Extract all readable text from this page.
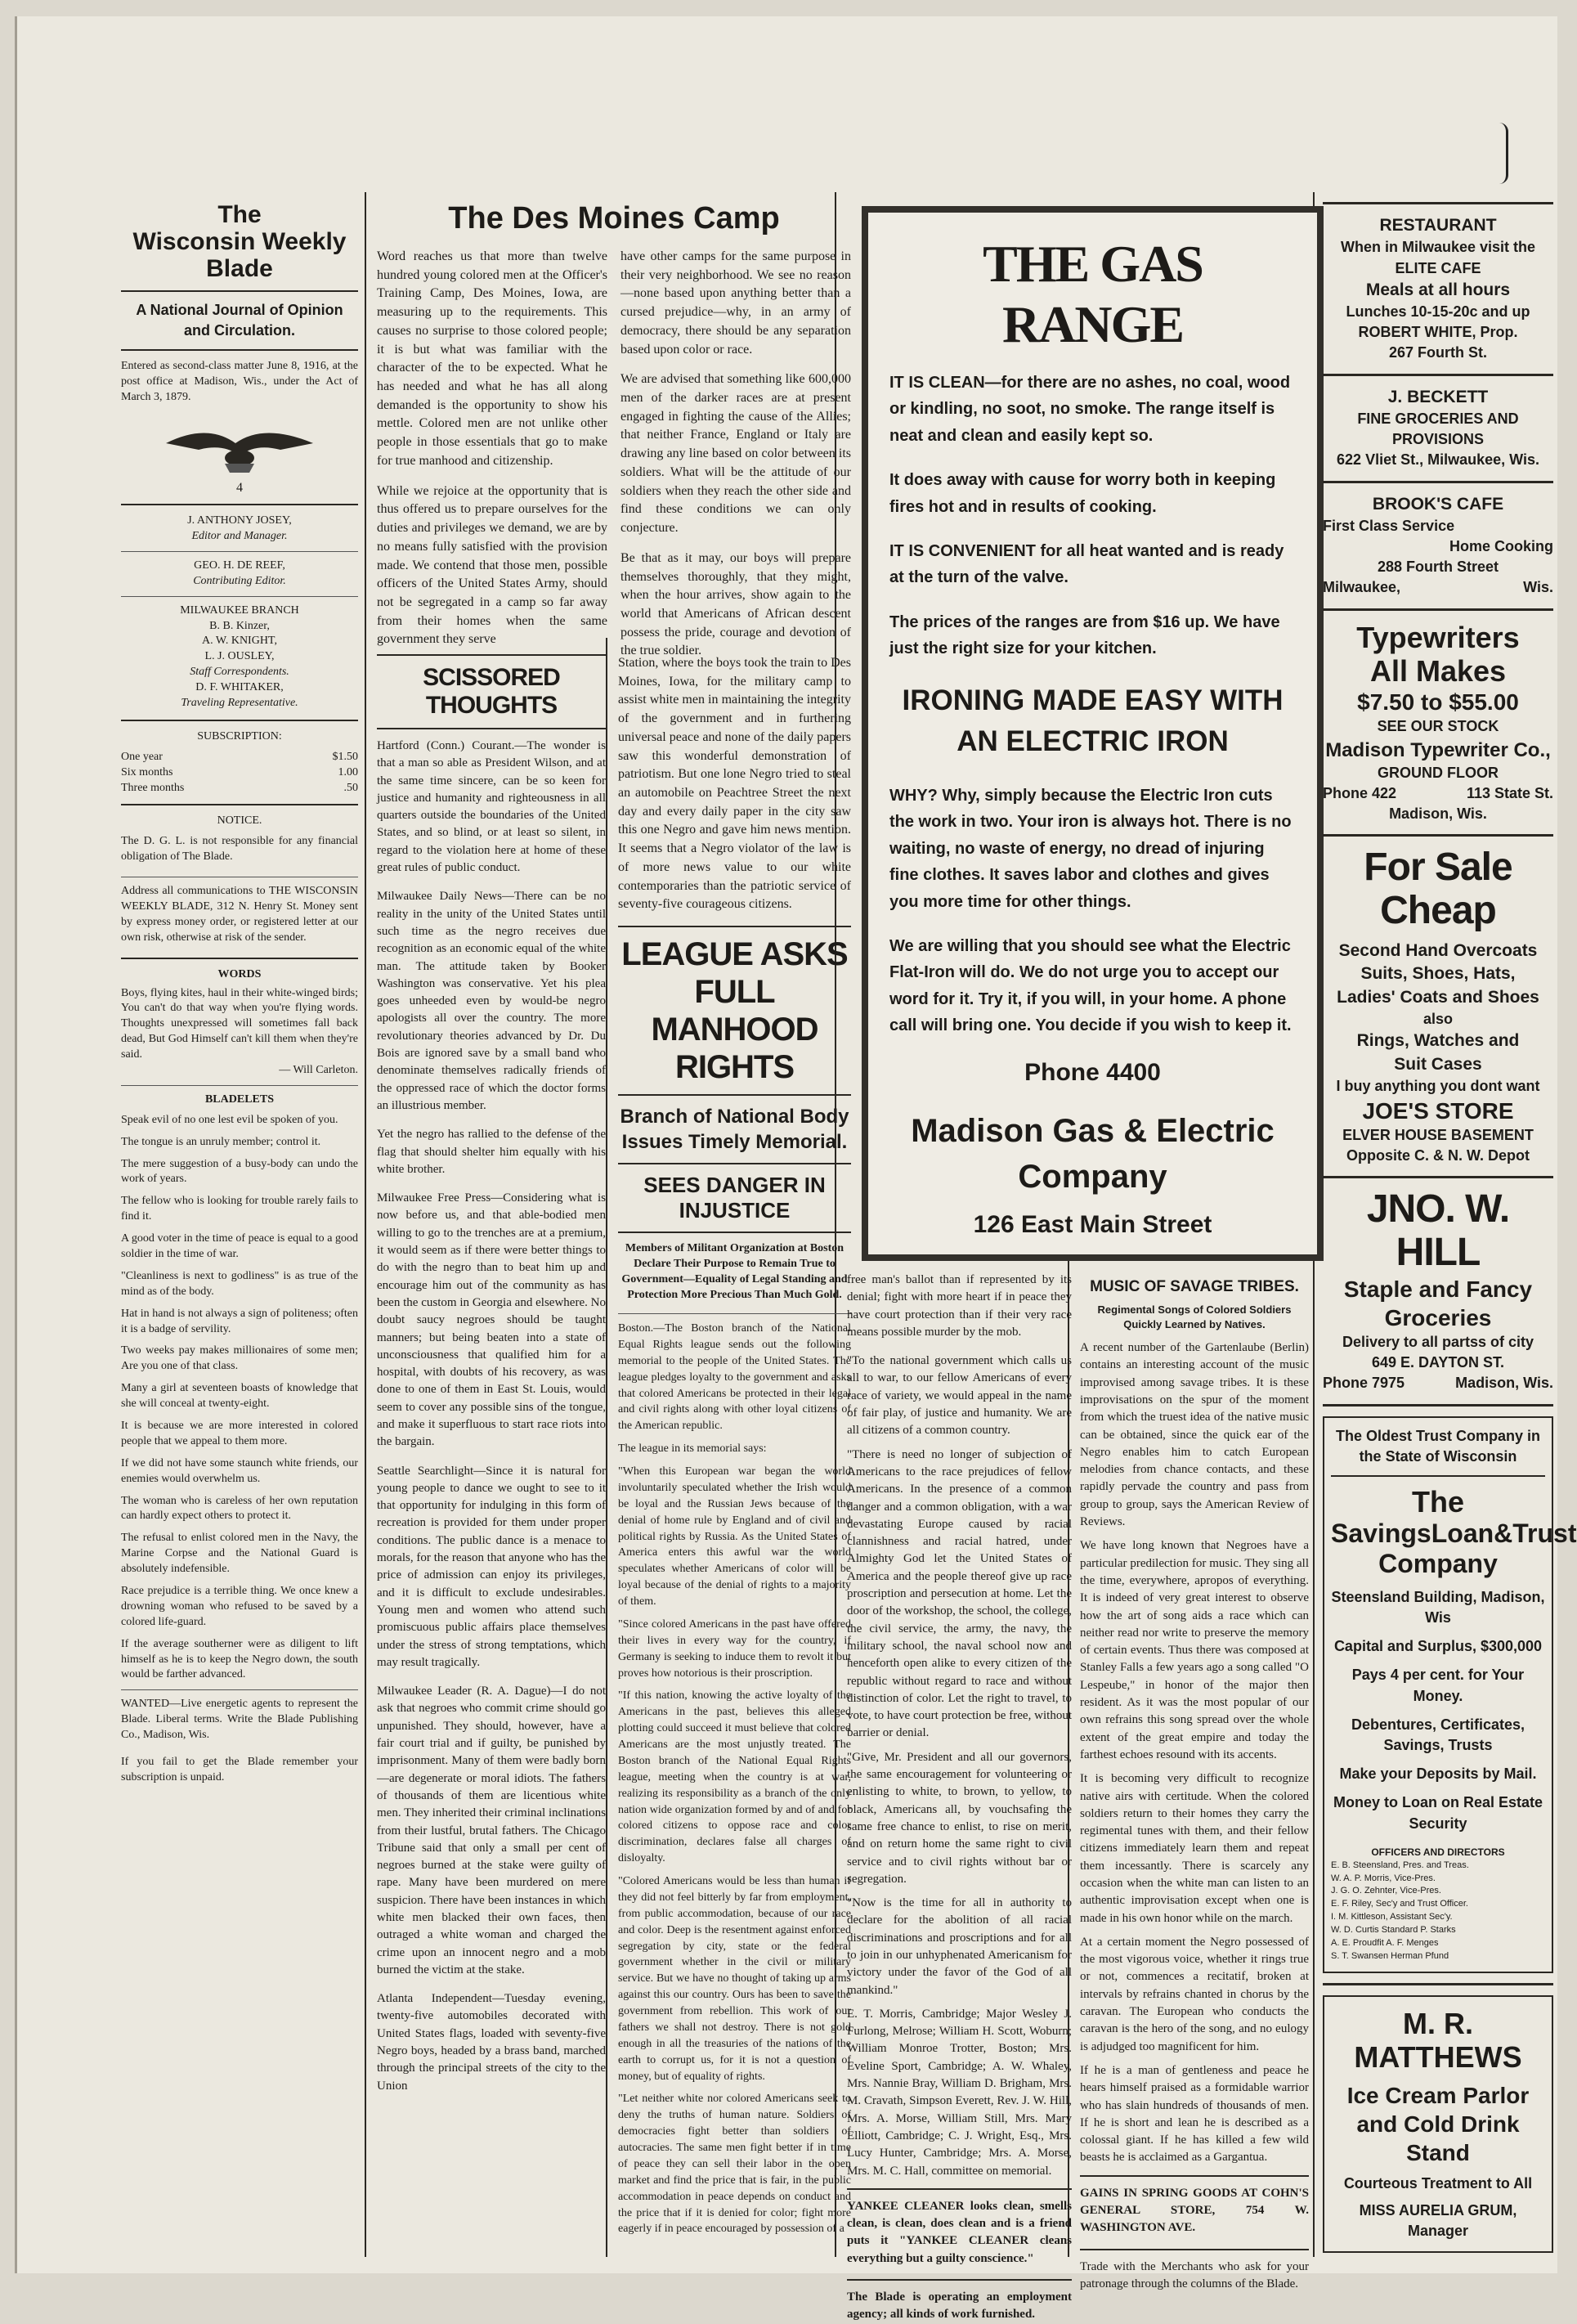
The
Wisconsin Weekly Blade
A National Journal of Opinion and Circulation.

Entered as second-class matter June 8, 1916, at the post office at Madison, Wis., under the Act of March 3, 1879.

4
J. ANTHONY JOSEY,
Editor and Manager.
GEO. H. DE REEF,
Contributing Editor.
MILWAUKEE BRANCH
B. B. Kinzer,
A. W. KNIGHT,
L. J. OUSLEY,
Staff Correspondents.
D. F. WHITAKER,
Traveling Representative.
SUBSCRIPTION:
One year	$1.50
Six months	1.00
Three months	.50
NOTICE.

The D. G. L. is not responsible for any financial obligation of The Blade.

Address all communications to THE WISCONSIN WEEKLY BLADE, 312 N. Henry St. Money sent by express money order, or registered letter at our own risk, otherwise at risk of the sender.

WORDS

Boys, flying kites, haul in their white-winged birds; You can't do that way when you're flying words. Thoughts unexpressed will sometimes fall back dead, But God Himself can't kill them when they're said.

— Will Carleton.
BLADELETS

Speak evil of no one lest evil be spoken of you.

The tongue is an unruly member; control it.

The mere suggestion of a busy-body can undo the work of years.

The fellow who is looking for trouble rarely fails to find it.

A good voter in the time of peace is equal to a good soldier in the time of war.

"Cleanliness is next to godliness" is as true of the mind as of the body.

Hat in hand is not always a sign of politeness; often it is a badge of servility.

Two weeks pay makes millionaires of some men; Are you one of that class.

Many a girl at seventeen boasts of knowledge that she will conceal at twenty-eight.

It is because we are more interested in colored people that we appeal to them more.

If we did not have some staunch white friends, our enemies would overwhelm us.

The woman who is careless of her own reputation can hardly expect others to protect it.

The refusal to enlist colored men in the Navy, the Marine Corpse and the National Guard is absolutely indefensible.

Race prejudice is a terrible thing. We once knew a drowning woman who refused to be saved by a colored life-guard.

If the average southerner were as diligent to lift himself as he is to keep the Negro down, the south would be farther advanced.

WANTED—Live energetic agents to represent the Blade. Liberal terms. Write the Blade Publishing Co., Madison, Wis.

If you fail to get the Blade remember your subscription is unpaid.

The Des Moines Camp

Word reaches us that more than twelve hundred young colored men at the Officer's Training Camp, Des Moines, Iowa, are measuring up to the requirements. This causes no surprise to those colored people; it is but what was familiar with the character of the to be expected. What he has needed and what he has all along demanded is the opportunity to show his mettle. Colored men are not unlike other people in those essentials that go to make for true manhood and citizenship.

While we rejoice at the opportunity that is thus offered us to prepare ourselves for the duties and privileges we demand, we are by no means fully satisfied with the provision made. We contend that those men, possible officers of the United States Army, should not be segregated in a camp so far away from their homes when the same government they serve

have other camps for the same purpose in their very neighborhood. We see no reason—none based upon anything better than a cursed prejudice—why, in an army of democracy, there should be any separation based upon color or race.

We are advised that something like 600,000 men of the darker races are at present engaged in fighting the cause of the Allies; that neither France, England or Italy are drawing any line based on color between its soldiers. What will be the attitude of our soldiers when they reach the other side and find these conditions we can only conjecture.

Be that as it may, our boys will prepare themselves thoroughly, that they might, when the hour arrives, show again to the world that Americans of African descent possess the pride, courage and devotion of the true soldier.

SCISSORED THOUGHTS

Hartford (Conn.) Courant.—The wonder is that a man so able as President Wilson, and at the same time sincere, can be so keen for justice and humanity and righteousness in all quarters outside the boundaries of the United States, and so blind, or at least so silent, in regard to the violation here at home of these great rules of public conduct.

Milwaukee Daily News—There can be no reality in the unity of the United States until such time as the negro receives due recognition as an economic equal of the white man. The attitude taken by Booker Washington was conservative. Yet his plea goes unheeded even by would-be negro apologists all over the country. The more revolutionary theories advanced by Dr. Du Bois are ignored save by a small band who denominate themselves radically friends of the oppressed race of which the doctor forms an illustrious member.

Yet the negro has rallied to the defense of the flag that should shelter him equally with his white brother.

Milwaukee Free Press—Considering what is now before us, and that able-bodied men willing to go to the trenches are at a premium, it would seem as if there were better things to do with the negro than to beat him up and encourage him out of the community as has been the custom in Georgia and elsewhere. No doubt saucy negroes should be taught manners; but being beaten into a state of unconsciousness that qualified him for a hospital, with doubts of his recovery, as was done to one of them in East St. Louis, would seem to cover any possible sins of the tongue, and make it superfluous to start race riots into the bargain.

Seattle Searchlight—Since it is natural for young people to dance we ought to see to it that opportunity for indulging in this form of recreation is provided for them under proper conditions. The public dance is a menace to morals, for the reason that anyone who has the price of admission can enjoy its privileges, and it is difficult to exclude undesirables. Young men and women who attend such promiscuous public affairs place themselves under the stress of strong temptations, which may result tragically.

Milwaukee Leader (R. A. Dague)—I do not ask that negroes who commit crime should go unpunished. They should, however, have a fair court trial and if guilty, be punished by imprisonment. Many of them were badly born—are degenerate or moral idiots. The fathers of thousands of them are licentious white men. They inherited their criminal inclinations from their lustful, brutal fathers. The Chicago Tribune said that only a small per cent of negroes burned at the stake were guilty of rape. Many have been murdered on mere suspicion. There have been instances in which white men blacked their own faces, then outraged a white woman and charged the crime upon an innocent negro and a mob burned the victim at the stake.

Atlanta Independent—Tuesday evening, twenty-five automobiles decorated with United States flags, loaded with seventy-five Negro boys, headed by a brass band, marched through the principal streets of the city to the Union

Station, where the boys took the train to Des Moines, Iowa, for the military camp to assist white men in maintaining the integrity of the government and in furthering universal peace and none of the daily papers saw this wonderful demonstration of patriotism. But one lone Negro tried to steal an automobile on Peachtree Street the next day and every daily paper in the city saw this one Negro and gave him news mention. It seems that a Negro violator of the law is of more news value to our white contemporaries than the patriotic service of seventy-five courageous citizens.

LEAGUE ASKS FULL MANHOOD RIGHTS
Branch of National Body Issues Timely Memorial.
SEES DANGER IN INJUSTICE
Members of Militant Organization at Boston Declare Their Purpose to Remain True to Government—Equality of Legal Standing and Protection More Precious Than Much Gold.

Boston.—The Boston branch of the National Equal Rights league sends out the following memorial to the people of the United States. The league pledges loyalty to the government and asks that colored Americans be protected in their legal and civil rights along with other loyal citizens of the American republic.

The league in its memorial says:

"When this European war began the world involuntarily speculated whether the Irish would be loyal and the Russian Jews because of the denial of home rule by England and of civil and political rights by Russia. As the United States of America enters this awful war the world speculates whether Americans of color will be loyal because of the denial of rights to a majority of them.

"Since colored Americans in the past have offered their lives in every way for the country, if Germany is seeking to induce them to revolt it but proves how notorious is their proscription.

"If this nation, knowing the active loyalty of the Americans in the past, believes this alleged plotting could succeed it must believe that colored Americans are the most unjustly treated. The Boston branch of the National Equal Rights league, meeting when the country is at war, realizing its responsibility as a branch of the only nation wide organization formed by and of and for colored citizens to oppose race and color discrimination, declares false all charges of disloyalty.

"Colored Americans would be less than human if they did not feel bitterly by far from employment, from public accommodation, because of our race and color. Deep is the resentment against enforced segregation by city, state or the federal government whether in the civil or military service. But we have no thought of taking up arms against this our country. Ours has been to save the government from rebellion. This work of our fathers we shall not destroy. There is not gold enough in all the treasuries of the nations of the earth to corrupt us, for it is not a question of money, but of equality of rights.

"Let neither white nor colored Americans seek to deny the truths of human nature. Soldiers of democracies fight better than soldiers of autocracies. The same men fight better if in time of peace they can sell their labor in the open market and find the price that is fair, in the public accommodation in peace depends on conduct and the price that if it is denied for color; fight more eagerly if in peace encouraged by possession of a

THE GAS RANGE

IT IS CLEAN—for there are no ashes, no coal, wood or kindling, no soot, no smoke. The range itself is neat and clean and easily kept so.

It does away with cause for worry both in keeping fires hot and in results of cooking.

IT IS CONVENIENT for all heat wanted and is ready at the turn of the valve.

The prices of the ranges are from $16 up. We have just the right size for your kitchen.

IRONING MADE EASY WITH AN ELECTRIC IRON

WHY? Why, simply because the Electric Iron cuts the work in two. Your iron is always hot. There is no waiting, no waste of energy, no dread of injuring fine clothes. It saves labor and clothes and gives you more time for other things.

We are willing that you should see what the Electric Flat-Iron will do. We do not urge you to accept our word for it. Try it, if you will, in your home. A phone call will bring one. You decide if you wish to keep it.

Phone 4400
Madison Gas & Electric Company
126 East Main Street

free man's ballot than if represented by its denial; fight with more heart if in peace they have court protection than if their very race means possible murder by the mob.

"To the national government which calls us all to war, to our fellow Americans of every race of variety, we would appeal in the name of fair play, of justice and humanity. We are all citizens of a common country.

"There is need no longer of subjection of Americans to the race prejudices of fellow Americans. In the presence of a common danger and a common obligation, with a war devastating Europe caused by racial clannishness and racial hatred, under Almighty God let the United States of America and the people thereof give up race proscription and persecution at home. Let the door of the workshop, the school, the college, the civil service, the army, the navy, the military school, the naval school now and henceforth open alike to every citizen of the republic without regard to race and without distinction of color. Let the right to travel, to vote, to have court protection be free, without barrier or denial.

"Give, Mr. President and all our governors, the same encouragement for volunteering or enlisting to white, to brown, to yellow, to black, Americans all, by vouchsafing the same free chance to enlist, to rise on merit, and on return home the same right to civil service and to civil rights without bar or segregation.

"Now is the time for all in authority to declare for the abolition of all racial discriminations and proscriptions and for all to join in our unhyphenated Americanism for victory under the favor of the God of all mankind."

E. T. Morris, Cambridge; Major Wesley J. Furlong, Melrose; William H. Scott, Woburn; William Monroe Trotter, Boston; Mrs. Eveline Sport, Cambridge; A. W. Whaley, Mrs. Nannie Bray, William D. Brigham, Mrs. M. Cravath, Simpson Everett, Rev. J. W. Hill, Mrs. A. Morse, William Still, Mrs. Mary Elliott, Cambridge; C. J. Wright, Esq., Mrs. Lucy Hunter, Cambridge; Mrs. A. Morse, Mrs. M. C. Hall, committee on memorial.

YANKEE CLEANER looks clean, smells clean, is clean, does clean and is a friend puts it "YANKEE CLEANER cleans everything but a guilty conscience."

The Blade is operating an employment agency; all kinds of work furnished.

MUSIC OF SAVAGE TRIBES.
Regimental Songs of Colored Soldiers Quickly Learned by Natives.

A recent number of the Gartenlaube (Berlin) contains an interesting account of the music improvised among savage tribes. It is these improvisations on the spur of the moment from which the truest idea of the native music can be obtained, since the quick ear of the Negro enables him to catch European melodies from chance contacts, and these rapidly pervade the country and pass from group to group, says the American Review of Reviews.

We have long known that Negroes have a particular predilection for music. They sing all the time, everywhere, apropos of everything. It is indeed of very great interest to observe how the art of song aids a race which can neither read nor write to preserve the memory of certain events. Thus there was composed at Stanley Falls a few years ago a song called "O Lespeube," in honor of the major then resident. As it was the most popular of our own refrains this song spread over the whole extent of the great empire and today the farthest echoes resound with its accents.

It is becoming very difficult to recognize native airs with certitude. When the colored soldiers return to their homes they carry the regimental tunes with them, and their fellow citizens immediately learn them and repeat them incessantly. There is scarcely any occasion when the white man can listen to an authentic improvisation except when one is made in his own honor while on the march.

At a certain moment the Negro possessed of the most vigorous voice, whether it rings true or not, commences a recitatif, broken at intervals by refrains chanted in chorus by the caravan. The European who conducts the caravan is the hero of the song, and no eulogy is adjudged too magnificent for him.

If he is a man of gentleness and peace he hears himself praised as a formidable warrior who has slain hundreds of thousands of men. If he is short and lean he is described as a colossal giant. If he has killed a few wild beasts he is acclaimed as a Gargantua.

GAINS IN SPRING GOODS AT COHN'S GENERAL STORE, 754 W. WASHINGTON AVE.

Trade with the Merchants who ask for your patronage through the columns of the Blade.

RESTAURANT
When in Milwaukee visit the
ELITE CAFE
Meals at all hours
Lunches 10-15-20c and up
ROBERT WHITE, Prop.
267 Fourth St.
J. BECKETT
FINE GROCERIES AND PROVISIONS
622 Vliet St., Milwaukee, Wis.
BROOK'S CAFE
First Class Service
Home Cooking
288 Fourth Street
Milwaukee,	Wis.
Typewriters
All Makes
$7.50 to $55.00
SEE OUR STOCK
Madison Typewriter Co.,
GROUND FLOOR
Phone 422	113 State St.
Madison, Wis.
For Sale Cheap
Second Hand Overcoats
Suits, Shoes, Hats,
Ladies' Coats and Shoes
also
Rings, Watches and
Suit Cases
I buy anything you dont want
JOE'S STORE
ELVER HOUSE BASEMENT
Opposite C. & N. W. Depot
JNO. W. HILL
Staple and Fancy
Groceries
Delivery to all partss of city
649 E. DAYTON ST.
Phone 7975	Madison, Wis.
The Oldest Trust Company in the State of Wisconsin
The
SavingsLoan&Trust Company
Steensland Building, Madison, Wis
Capital and Surplus, $300,000
Pays 4 per cent. for Your Money.
Debentures, Certificates, Savings, Trusts
Make your Deposits by Mail.
Money to Loan on Real Estate Security
OFFICERS AND DIRECTORS

E. B. Steensland, Pres. and Treas.

W. A. P. Morris, Vice-Pres.

J. G. O. Zehnter, Vice-Pres.

E. F. Riley, Sec'y and Trust Officer.

I. M. Kittleson, Assistant Sec'y.

W. D. Curtis Standard P. Starks

A. E. Proudfit A. F. Menges

S. T. Swansen Herman Pfund

M. R. MATTHEWS
Ice Cream Parlor
and Cold Drink Stand
Courteous Treatment to All
MISS AURELIA GRUM, Manager
